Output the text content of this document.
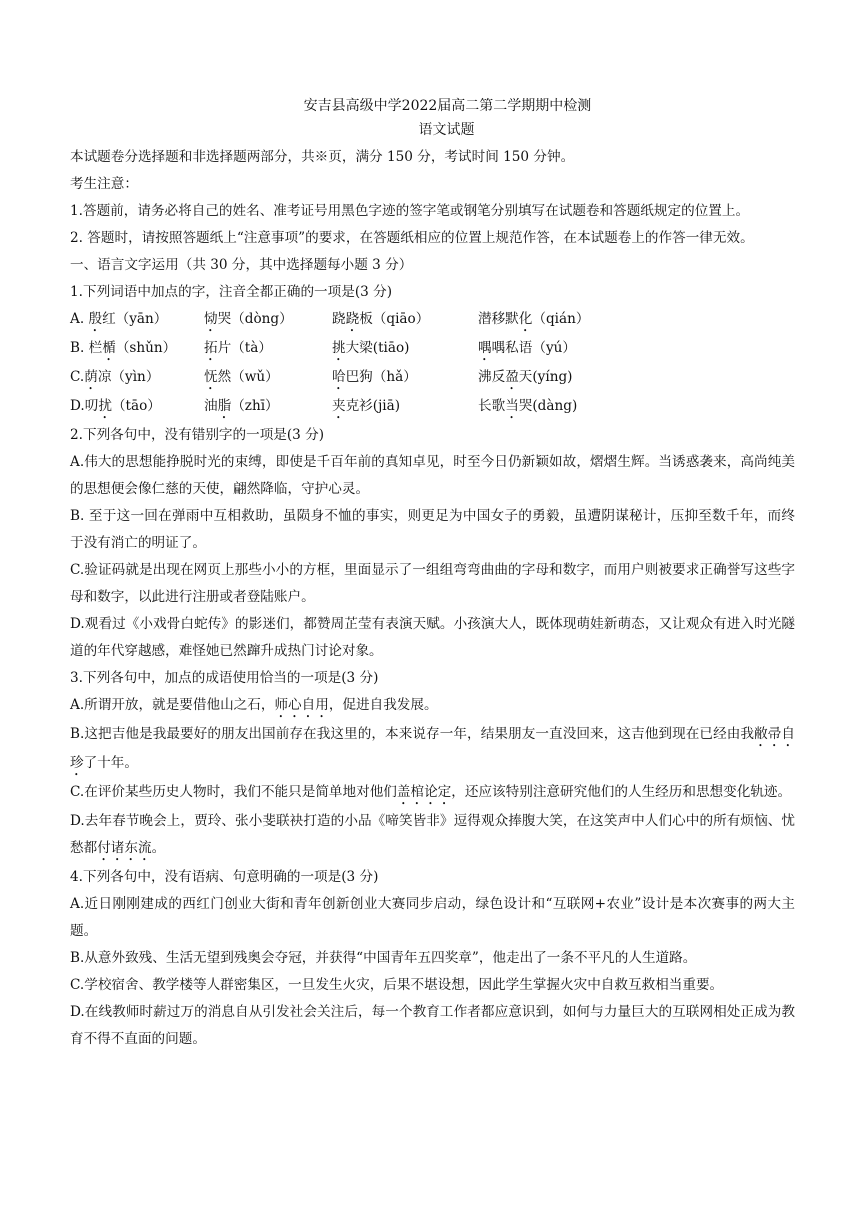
安吉县高级中学2022届高二第二学期期中检测
语文试题

本试题卷分选择题和非选择题两部分，共※页，满分 150 分，考试时间 150 分钟。

考生注意：

1.答题前，请务必将自己的姓名、准考证号用黑色字迹的签字笔或钢笔分别填写在试题卷和答题纸规定的位置上。

2. 答题时，请按照答题纸上“注意事项”的要求，在答题纸相应的位置上规范作答，在本试题卷上的作答一律无效。

一、语言文字运用（共 30 分，其中选择题每小题 3 分）

1.下列词语中加点的字，注音全都正确的一项是(3 分)

A. 殷红（yān）	恸哭（dòng）	跷跷板（qiāo）	潜移默化（qián）
B. 栏楯（shǔn）	拓片（tà）	挑大梁(tiāo)	喁喁私语（yú）
C.荫凉（yìn）	怃然（wǔ）	哈巴狗（hǎ）	沸反盈天(yíng)
D.叨扰（tāo）	油脂（zhī）	夹克衫(jiā)	长歌当哭(dàng)

2.下列各句中，没有错别字的一项是(3 分)

A.伟大的思想能挣脱时光的束缚，即使是千百年前的真知卓见，时至今日仍新颖如故，熠熠生辉。当诱惑袭来，高尚纯美的思想便会像仁慈的天使，翩然降临，守护心灵。

B. 至于这一回在弹雨中互相救助，虽陨身不恤的事实，则更足为中国女子的勇毅，虽遭阴谋秘计，压抑至数千年，而终于没有消亡的明证了。

C.验证码就是出现在网页上那些小小的方框，里面显示了一组组弯弯曲曲的字母和数字，而用户则被要求正确誉写这些字母和数字，以此进行注册或者登陆账户。

D.观看过《小戏骨白蛇传》的影迷们，都赞周芷莹有表演天赋。小孩演大人，既体现萌娃新萌态，又让观众有进入时光隧道的年代穿越感，难怪她已然蹿升成热门讨论对象。

3.下列各句中，加点的成语使用恰当的一项是(3 分)

A.所谓开放，就是要借他山之石，师心自用，促进自我发展。

B.这把吉他是我最要好的朋友出国前存在我这里的，本来说存一年，结果朋友一直没回来，这吉他到现在已经由我敝帚自珍了十年。

C.在评价某些历史人物时，我们不能只是简单地对他们盖棺论定，还应该特别注意研究他们的人生经历和思想变化轨迹。

D.去年春节晚会上，贾玲、张小斐联袂打造的小品《啼笑皆非》逗得观众捧腹大笑，在这笑声中人们心中的所有烦恼、忧愁都付诸东流。

4.下列各句中，没有语病、句意明确的一项是(3 分)

A.近日刚刚建成的西红门创业大街和青年创新创业大赛同步启动，绿色设计和“互联网+农业”设计是本次赛事的两大主题。

B.从意外致残、生活无望到残奥会夺冠，并获得“中国青年五四奖章”，他走出了一条不平凡的人生道路。

C.学校宿舍、教学楼等人群密集区，一旦发生火灾，后果不堪设想，因此学生掌握火灾中自救互救相当重要。

D.在线教师时薪过万的消息自从引发社会关注后，每一个教育工作者都应意识到，如何与力量巨大的互联网相处正成为教育不得不直面的问题。
